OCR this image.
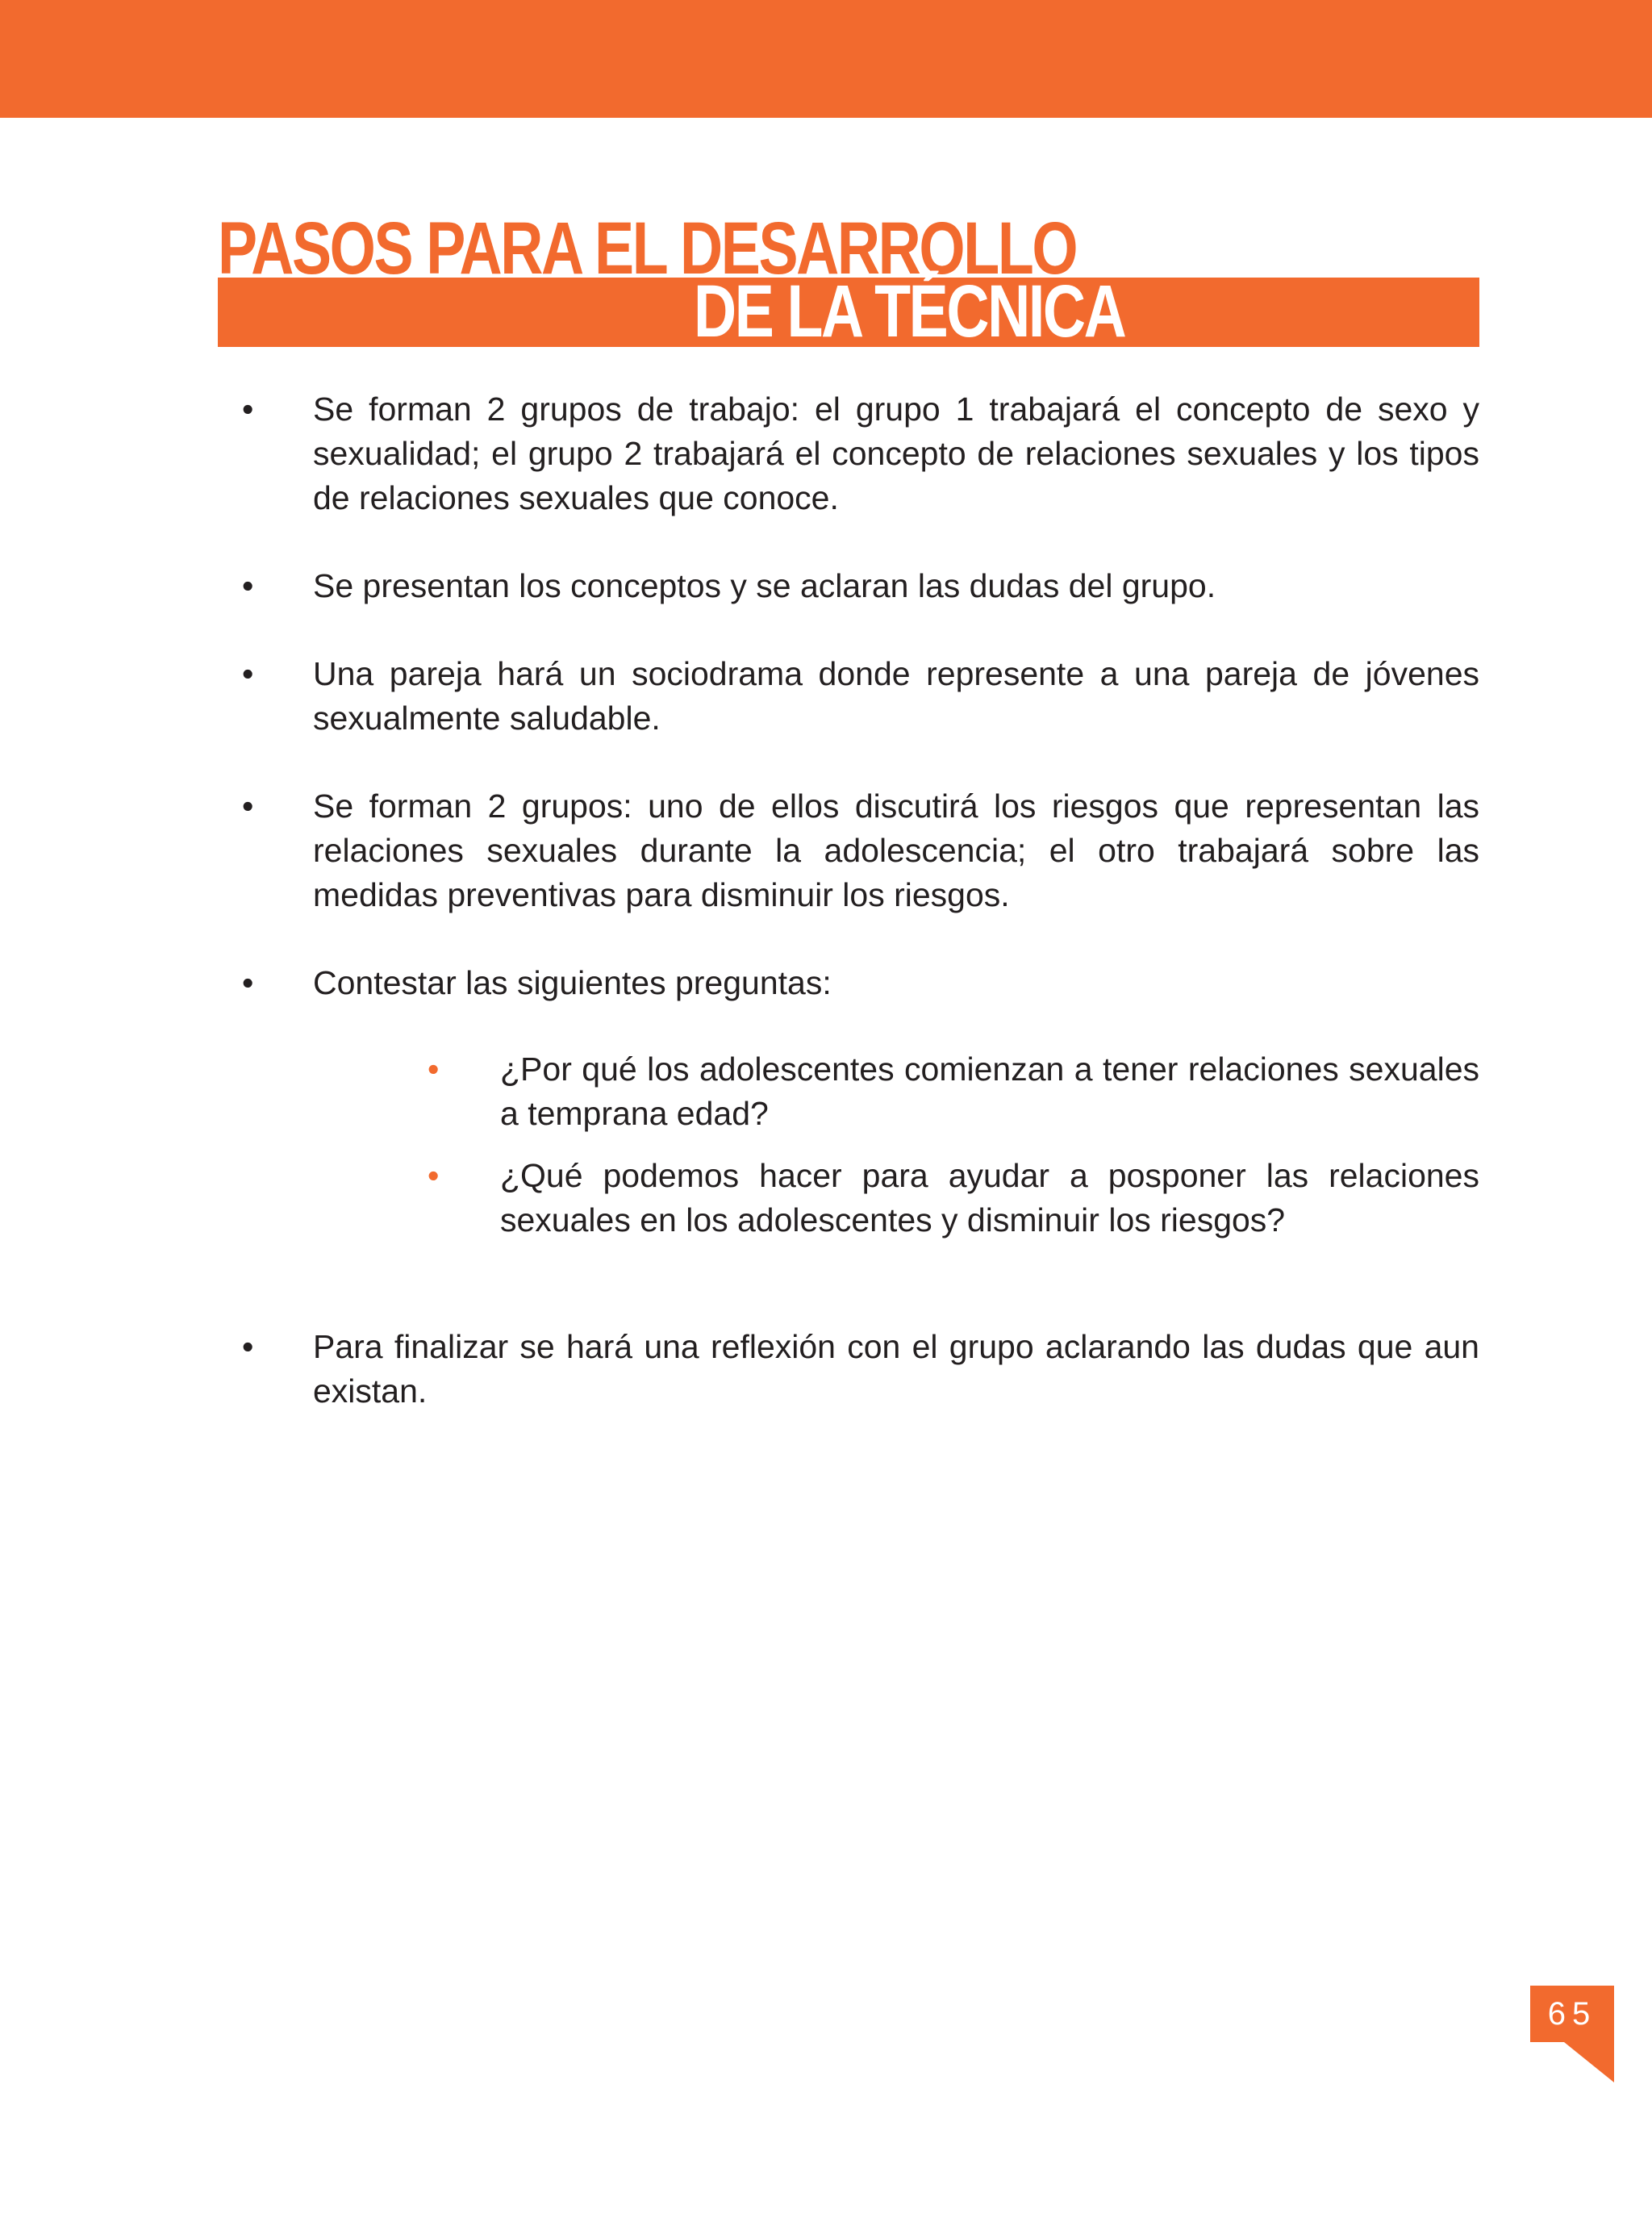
PASOS PARA EL DESARROLLO
DE LA TÉCNICA
•	Se forman 2 grupos de trabajo: el grupo 1 trabajará el concepto de sexo y sexualidad; el grupo 2 trabajará el concepto de relaciones sexuales y los tipos de relaciones sexuales que conoce.
•	Se presentan los conceptos y se aclaran las dudas del grupo.
•	Una pareja hará un sociodrama donde represente a una pareja de jóvenes sexualmente saludable.
•	Se forman 2 grupos: uno de ellos discutirá los riesgos que representan las relaciones sexuales durante la adolescencia; el otro trabajará sobre las medidas preventivas para disminuir los riesgos.
•	Contestar las siguientes preguntas:
• ¿Por qué los adolescentes comienzan a tener relaciones sexuales a temprana edad?
• ¿Qué podemos hacer para ayudar a posponer las relaciones sexuales en los adolescentes y disminuir los riesgos?
•	Para finalizar se hará una reflexión con el grupo aclarando las dudas que aun existan.
65
